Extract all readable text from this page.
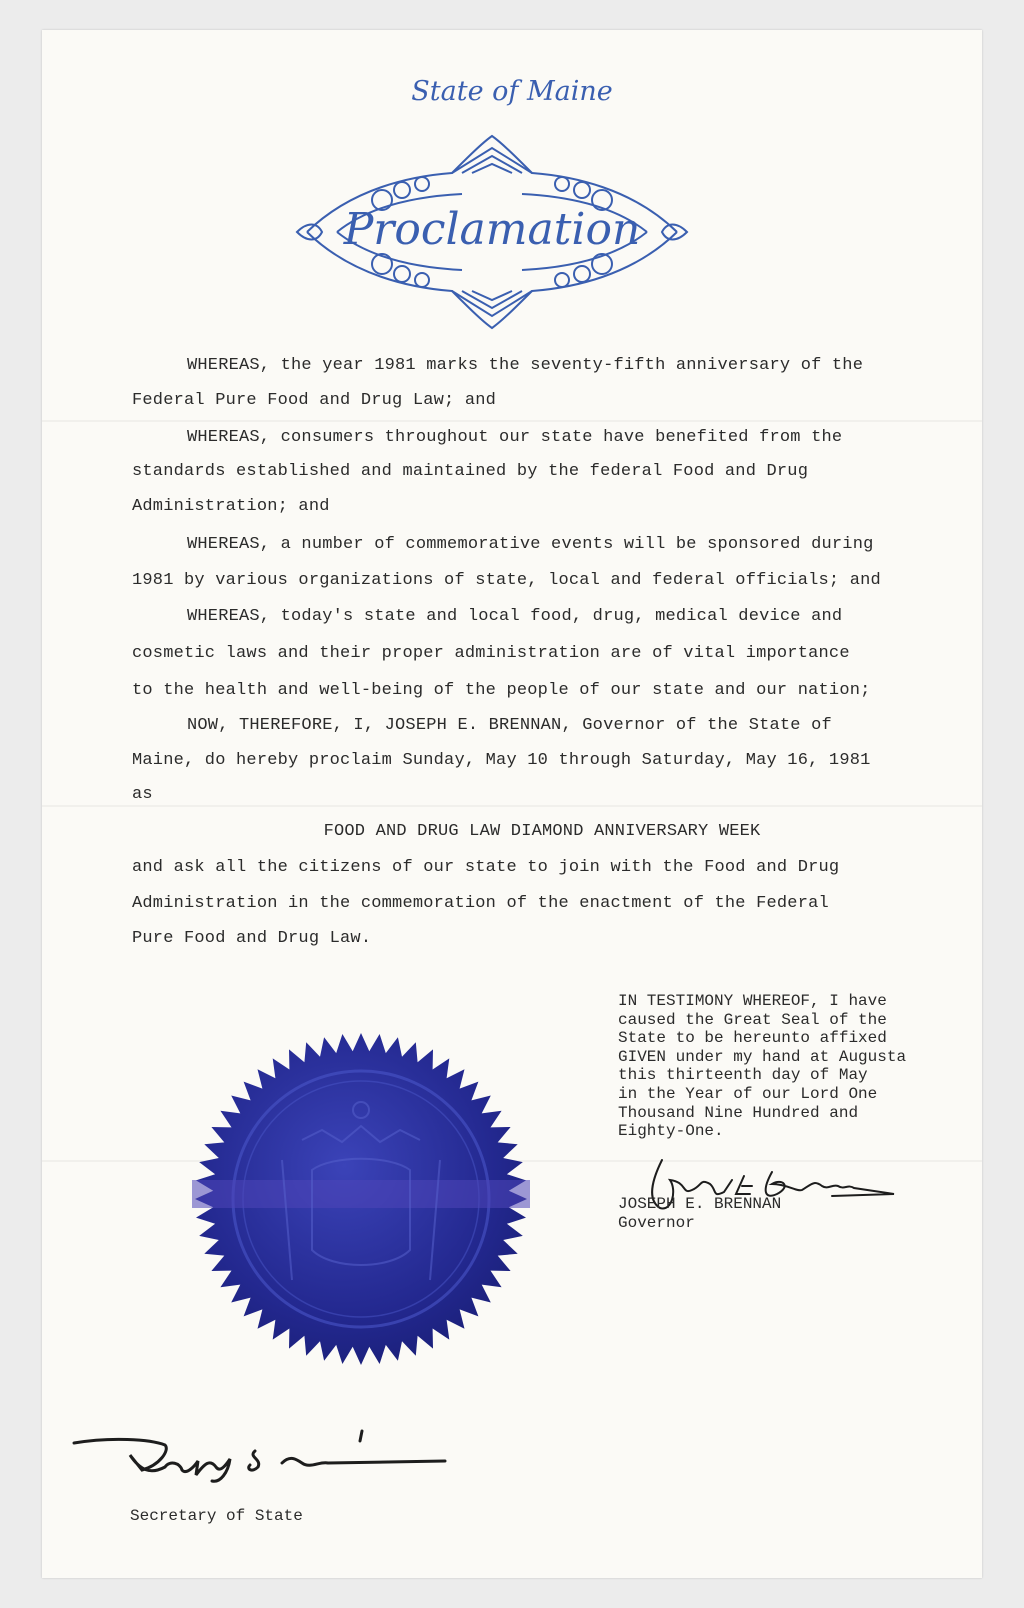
State of Maine
Proclamation
WHEREAS, the year 1981 marks the seventy-fifth anniversary of the
Federal Pure Food and Drug Law; and
WHEREAS, consumers throughout our state have benefited from the
standards established and maintained by the federal Food and Drug
Administration; and
WHEREAS, a number of commemorative events will be sponsored during
1981 by various organizations of state, local and federal officials; and
WHEREAS, today's state and local food, drug, medical device and
cosmetic laws and their proper administration are of vital importance
to the health and well-being of the people of our state and our nation;
NOW, THEREFORE, I, JOSEPH E. BRENNAN, Governor of the State of
Maine, do hereby proclaim Sunday, May 10 through Saturday, May 16, 1981
as
FOOD AND DRUG LAW DIAMOND ANNIVERSARY WEEK
and ask all the citizens of our state to join with the Food and Drug
Administration in the commemoration of the enactment of the Federal
Pure Food and Drug Law.
IN TESTIMONY WHEREOF, I have
caused the Great Seal of the
State to be hereunto affixed
GIVEN under my hand at Augusta
this thirteenth day of May
in the Year of our Lord One
Thousand Nine Hundred and
Eighty-One.
JOSEPH E. BRENNAN
Governor
Secretary of State
